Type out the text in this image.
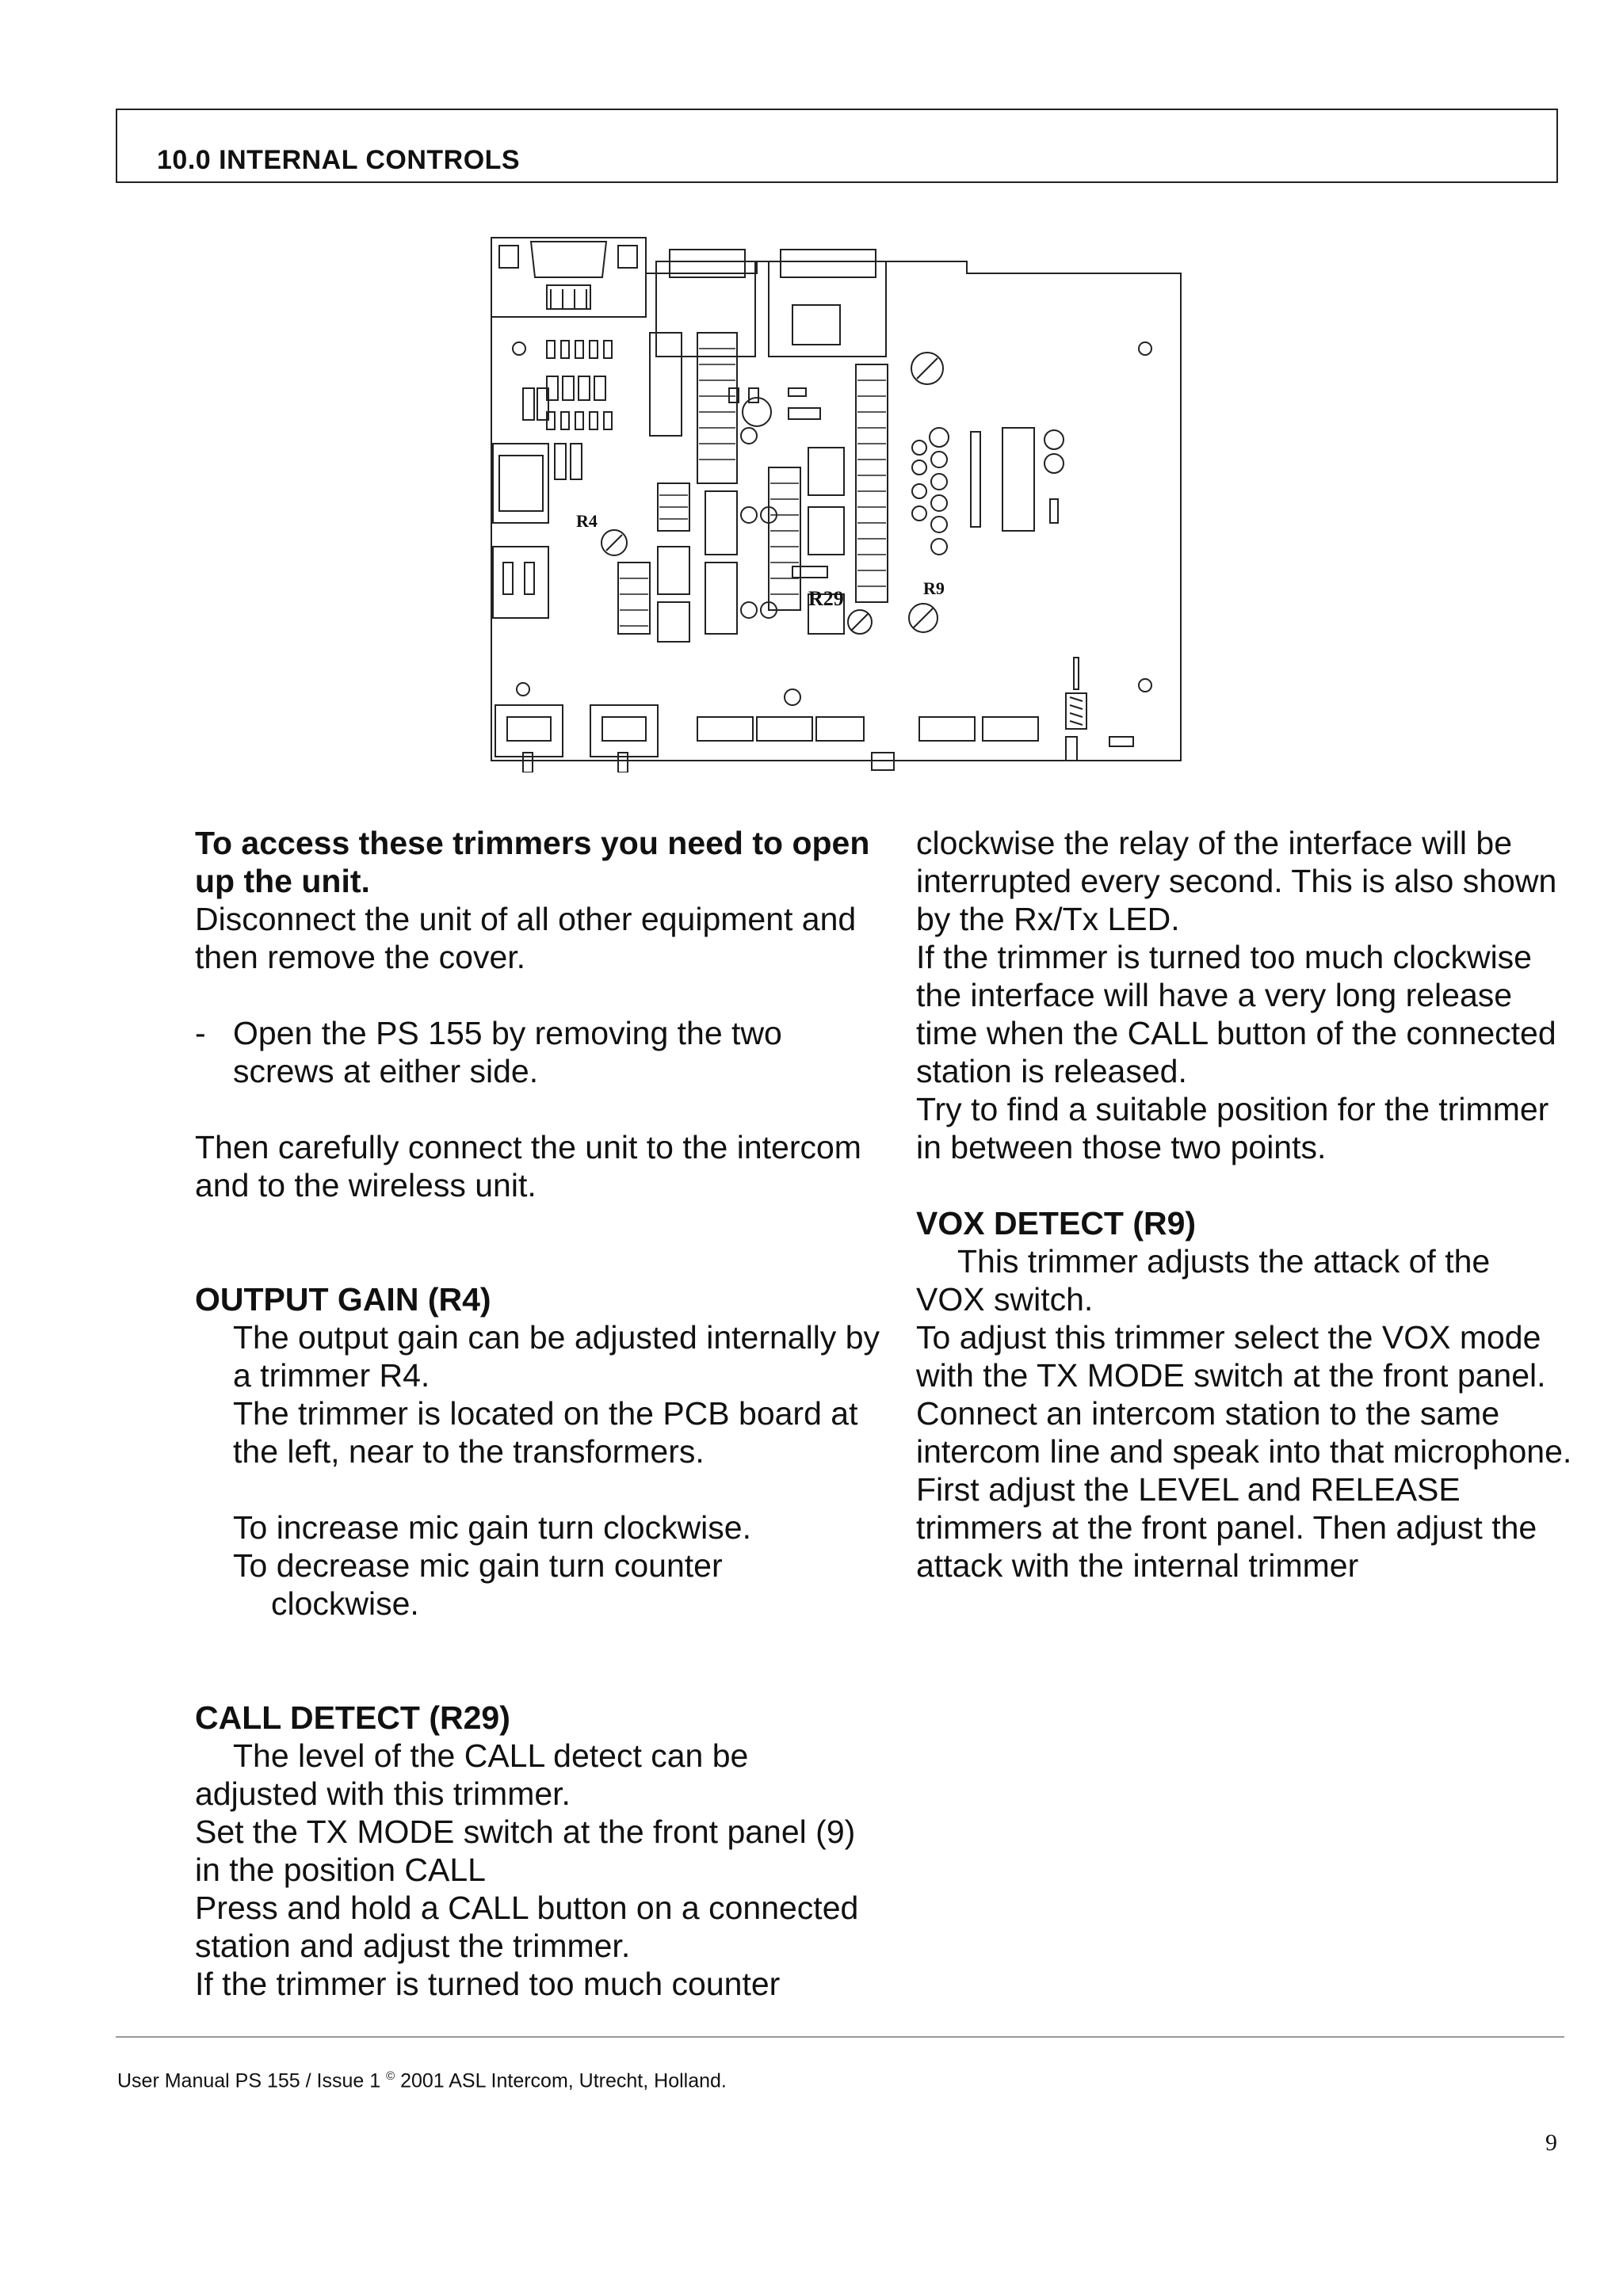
10.0 INTERNAL CONTROLS
R4
R29	R9

To access these trimmers you need to open up the unit.

Disconnect the unit of all other equipment and then remove the cover.

- Open the PS 155 by removing the two screws at either side.

Then carefully connect the unit to the intercom and to the wireless unit.

OUTPUT GAIN (R4)

The output gain can be adjusted internally by a trimmer R4.

The trimmer is located on the PCB board at the left, near to the transformers.

To increase mic gain turn clockwise.

To decrease mic gain turn counter

clockwise.

CALL DETECT (R29)

The level of the CALL detect can be

adjusted with this trimmer.

Set the TX MODE switch at the front panel (9) in the position CALL

Press and hold a CALL button on a connected station and adjust the trimmer.

If the trimmer is turned too much counter

clockwise the relay of the interface will be interrupted every second. This is also shown by the Rx/Tx LED.

If the trimmer is turned too much clockwise the interface will have a very long release time when the CALL button of the connected station is released.

Try to find a suitable position for the trimmer in between those two points.

VOX DETECT (R9)

This trimmer adjusts the attack of the

VOX switch.

To adjust this trimmer select the VOX mode with the TX MODE switch at the front panel.

Connect an intercom station to the same intercom line and speak into that microphone.

First adjust the LEVEL and RELEASE trimmers at the front panel. Then adjust the attack with the internal trimmer

User Manual PS 155 / Issue 1 © 2001 ASL Intercom, Utrecht, Holland.
9
